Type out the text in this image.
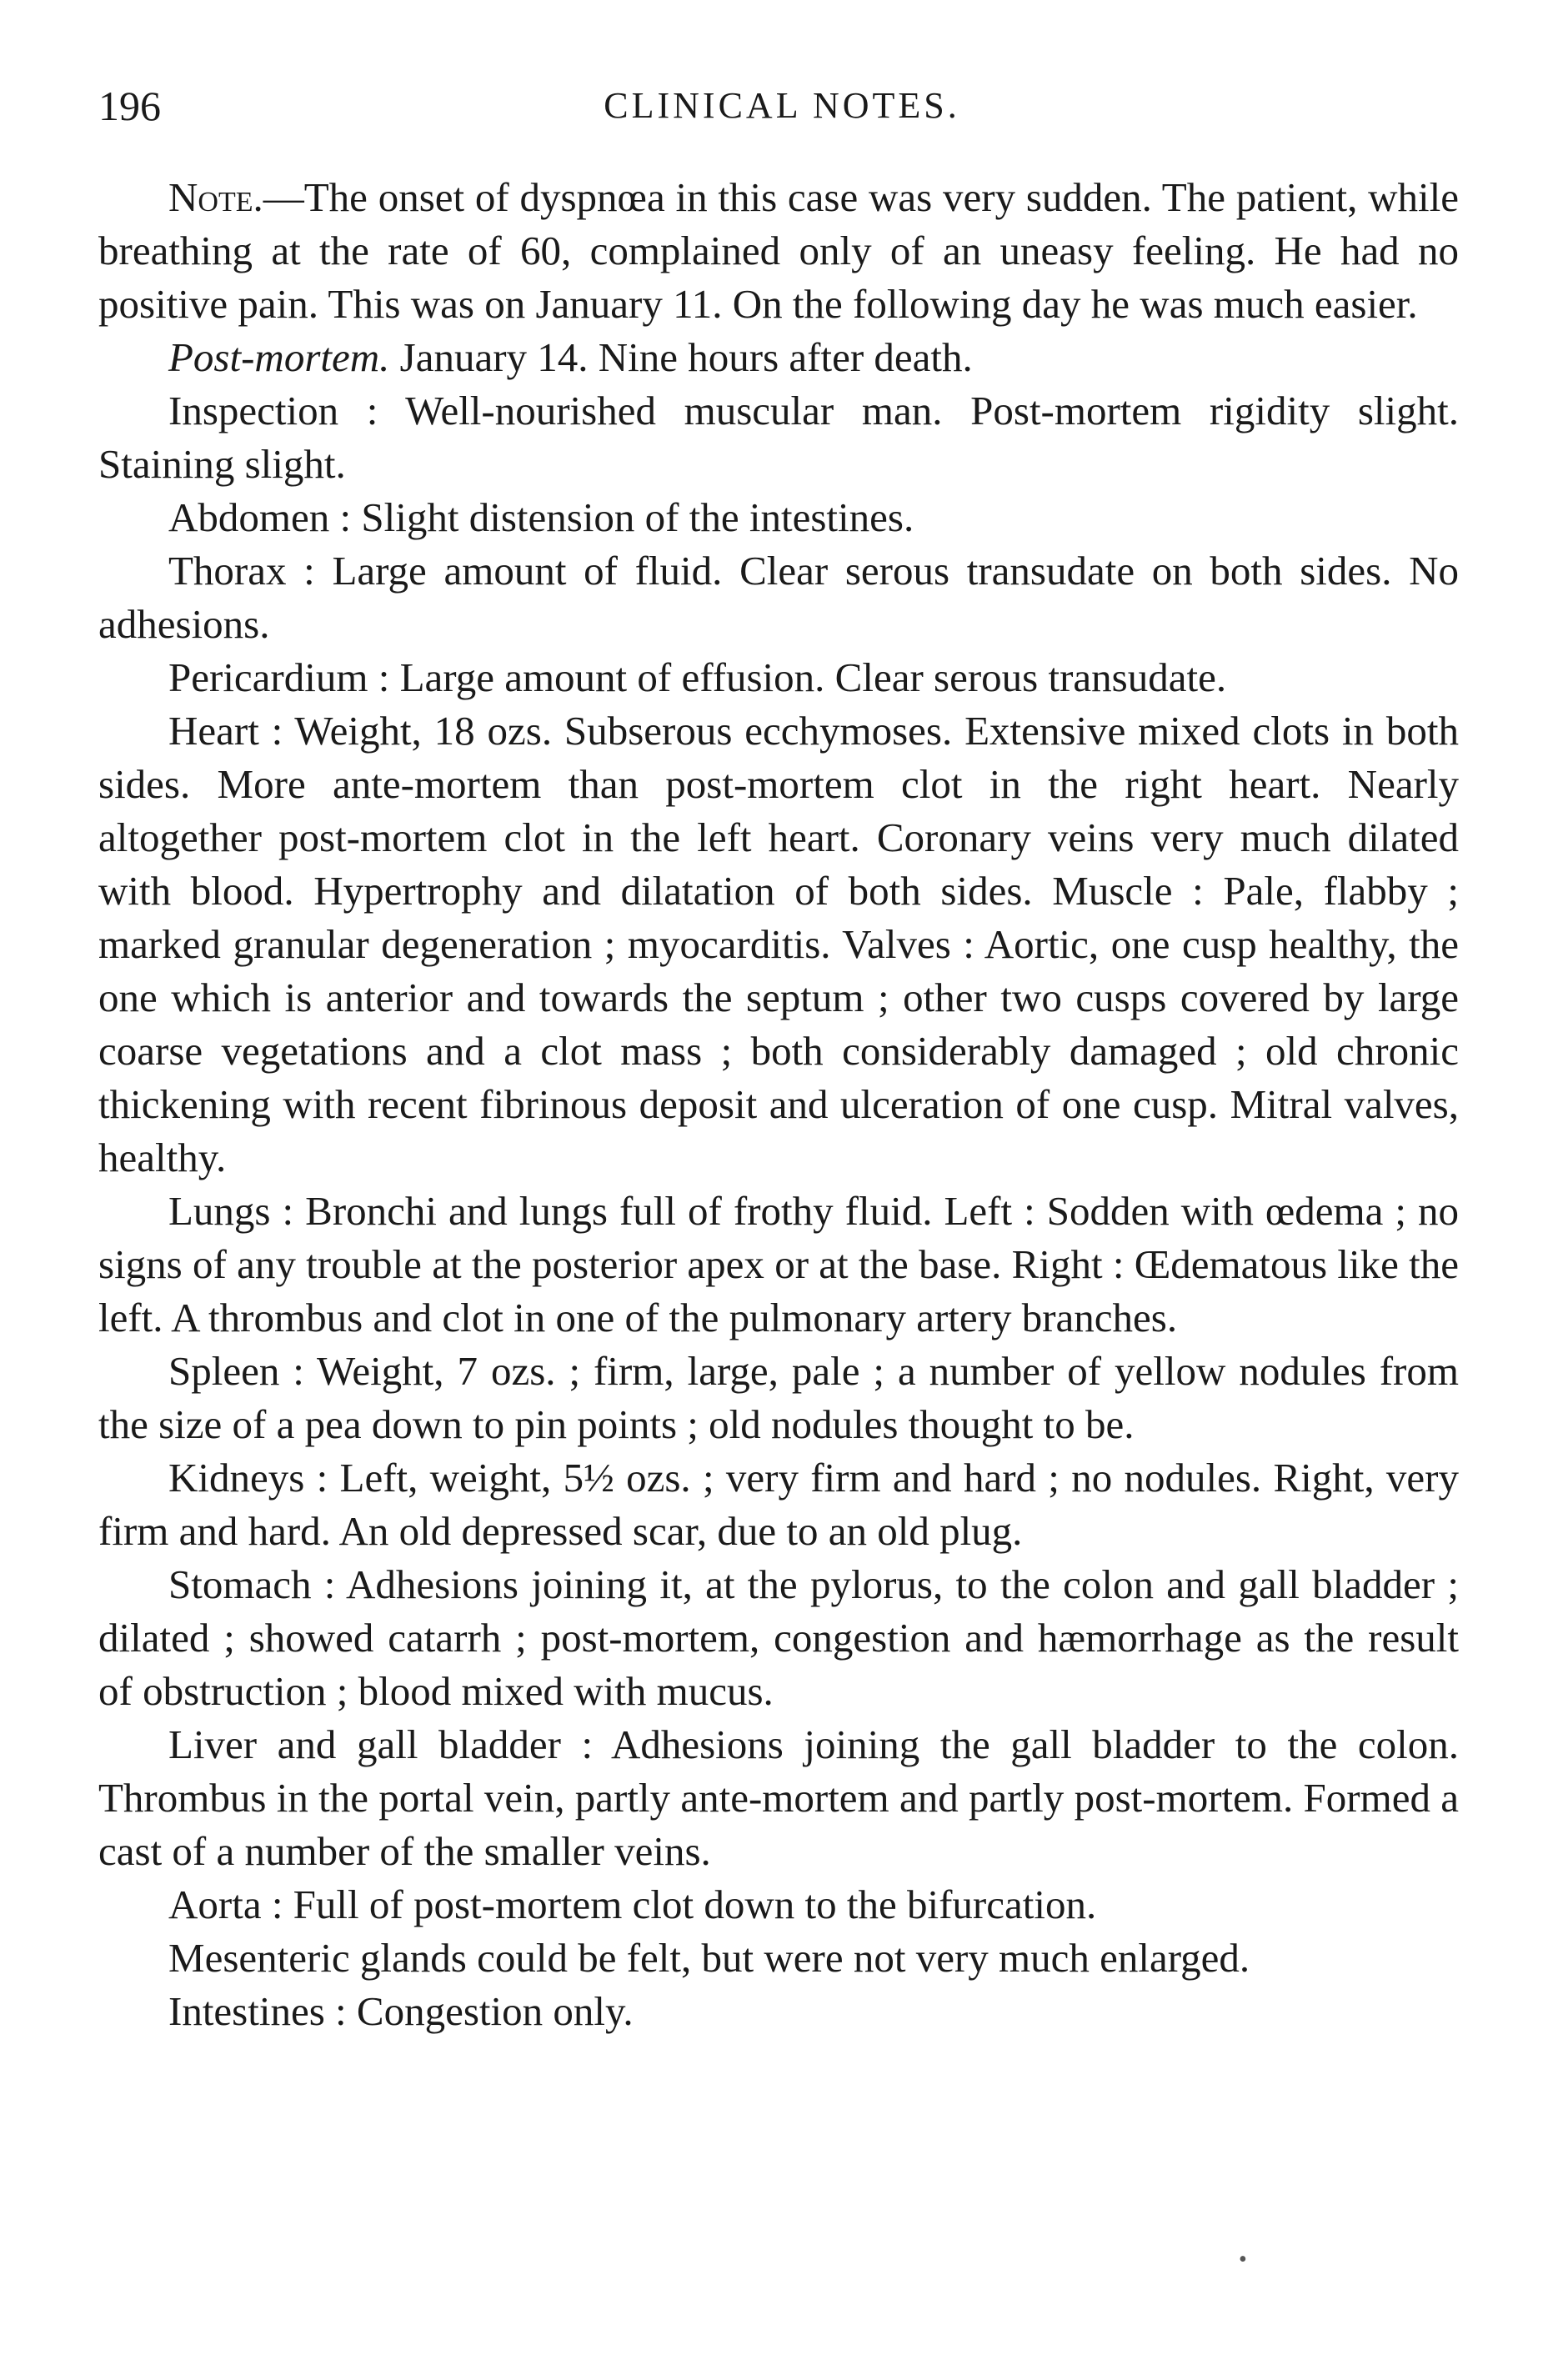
196	CLINICAL NOTES.

Note.—The onset of dyspnœa in this case was very sudden. The patient, while breathing at the rate of 60, complained only of an uneasy feeling. He had no positive pain. This was on January 11. On the following day he was much easier.

Post-mortem. January 14. Nine hours after death.

Inspection : Well-nourished muscular man. Post-mortem rigidity slight. Staining slight.

Abdomen : Slight distension of the intestines.

Thorax : Large amount of fluid. Clear serous transudate on both sides. No adhesions.

Pericardium : Large amount of effusion. Clear serous transudate.

Heart : Weight, 18 ozs. Subserous ecchymoses. Extensive mixed clots in both sides. More ante-mortem than post-mortem clot in the right heart. Nearly altogether post-mortem clot in the left heart. Coronary veins very much dilated with blood. Hypertrophy and dilatation of both sides. Muscle : Pale, flabby ; marked granular degeneration ; myocarditis. Valves : Aortic, one cusp healthy, the one which is anterior and towards the septum ; other two cusps covered by large coarse vegetations and a clot mass ; both considerably damaged ; old chronic thickening with recent fibrinous deposit and ulceration of one cusp. Mitral valves, healthy.

Lungs : Bronchi and lungs full of frothy fluid. Left : Sodden with œdema ; no signs of any trouble at the posterior apex or at the base. Right : Œdematous like the left. A thrombus and clot in one of the pulmonary artery branches.

Spleen : Weight, 7 ozs. ; firm, large, pale ; a number of yellow nodules from the size of a pea down to pin points ; old nodules thought to be.

Kidneys : Left, weight, 5½ ozs. ; very firm and hard ; no nodules. Right, very firm and hard. An old depressed scar, due to an old plug.

Stomach : Adhesions joining it, at the pylorus, to the colon and gall bladder ; dilated ; showed catarrh ; post-mortem, congestion and hæmorrhage as the result of obstruction ; blood mixed with mucus.

Liver and gall bladder : Adhesions joining the gall bladder to the colon. Thrombus in the portal vein, partly ante-mortem and partly post-mortem. Formed a cast of a number of the smaller veins.

Aorta : Full of post-mortem clot down to the bifurcation.

Mesenteric glands could be felt, but were not very much enlarged.

Intestines : Congestion only.

•
